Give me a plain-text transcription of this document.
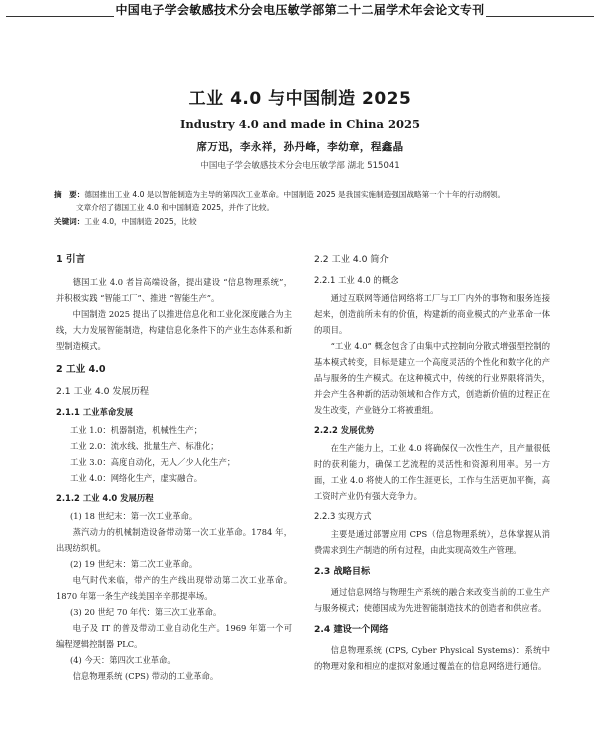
中国电子学会敏感技术分会电压敏学部第二十二届学术年会论文专刊
工业 4.0 与中国制造 2025
Industry 4.0 and made in China 2025
席万迅，李永祥，孙丹峰，李幼章，程鑫晶
中国电子学会敏感技术分会电压敏学部 湖北 515041
摘　要：德国推出工业 4.0 是以智能制造为主导的第四次工业革命。中国制造 2025 是我国实施制造强国战略第一个十年的行动纲领。
文章介绍了德国工业 4.0 和中国制造 2025，并作了比较。
关键词：工业 4.0，中国制造 2025，比较
1 引言

德国工业 4.0 者旨高端设备，提出建设 “信息物理系统”，并积极实践 “智能工厂”、推进 “智能生产”。

中国制造 2025 提出了以推进信息化和工业化深度融合为主线，大力发展智能制造，构建信息化条件下的产业生态体系和新型制造模式。

2 工业 4.0
2.1 工业 4.0 发展历程
2.1.1 工业革命发展

工业 1.0：机器制造，机械性生产；

工业 2.0：流水线、批量生产、标准化；

工业 3.0：高度自动化，无人／少人化生产；

工业 4.0：网络化生产，虚实融合。

2.1.2 工业 4.0 发展历程

(1) 18 世纪末：第一次工业革命。

蒸汽动力的机械制造设备带动第一次工业革命。1784 年，出现纺织机。

(2) 19 世纪末：第二次工业革命。

电气时代来临，带产的生产线出现带动第二次工业革命。1870 年第一条生产线美国辛辛那提率场。

(3) 20 世纪 70 年代：第三次工业革命。

电子及 IT 的普及带动工业自动化生产。1969 年第一个可编程逻辑控制器 PLC。

(4) 今天：第四次工业革命。

信息物理系统 (CPS) 带动的工业革命。

2.2 工业 4.0 简介
2.2.1 工业 4.0 的概念

通过互联网等通信网络将工厂与工厂内外的事物和服务连接起来，创造前所未有的价值，构建新的商业模式的产业革命一体的项目。

“工业 4.0” 概念包含了由集中式控制向分散式增强型控制的基本模式转变，目标是建立一个高度灵活的个性化和数字化的产品与服务的生产模式。在这种模式中，传统的行业界限将消失，并会产生各种新的活动领域和合作方式，创造新价值的过程正在发生改变，产业链分工将被重组。

2.2.2 发展优势

在生产能力上，工业 4.0 将确保仅一次性生产，且产量很低时的获利能力，确保工艺流程的灵活性和资源利用率。另一方面，工业 4.0 将使人的工作生涯更长，工作与生活更加平衡，高工资时产业仍有强大竞争力。

2.2.3 实现方式

主要是通过部署应用 CPS（信息物理系统），总体掌握从消费需求到生产制造的所有过程，由此实现高效生产管理。

2.3 战略目标

通过信息网络与物理生产系统的融合来改变当前的工业生产与服务模式；使德国成为先进智能制造技术的创造者和供应者。

2.4 建设一个网络

信息物理系统 (CPS, Cyber Physical Systems)：系统中的物理对象和相应的虚拟对象通过覆盖在的信息网络进行通信。
